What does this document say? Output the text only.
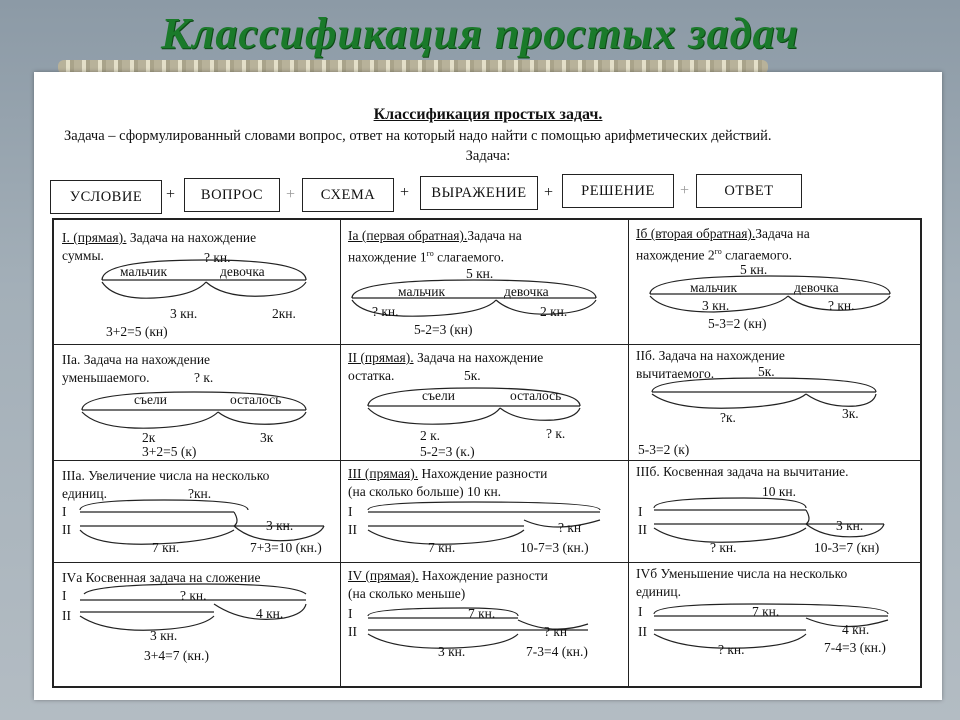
Классификация простых задач
Классификация простых задач.
Задача – сформулированный словами вопрос, ответ на который надо найти с помощью арифметических действий.
Задача:
УСЛОВИЕ	+	ВОПРОС	+	СХЕМА	+	ВЫРАЖЕНИЕ	+	РЕШЕНИЕ	+	ОТВЕТ
I. (прямая). Задача на нахождение
суммы.	? кн.
мальчик	девочка
3 кн.	2кн.
3+2=5 (кн)
Iа (первая обратная).Задача на
нахождение $1^{го}$ слагаемого.
5 кн.
мальчик	девочка
? кн.	2 кн.
5-2=3 (кн)
Iб (вторая обратная).Задача на
нахождение $2^{го}$ слагаемого.
5 кн.
мальчик	девочка
3 кн.	? кн.
5-3=2 (кн)
IIа. Задача на нахождение
уменьшаемого.	? к.
съели	осталось
2к	3к
3+2=5 (к)
II (прямая). Задача на нахождение
остатка.	5к.
съели	осталось
2 к.	? к.
5-2=3 (к.)
IIб. Задача на нахождение
вычитаемого.	5к.
?к.	3к.
5-3=2 (к)
IIIа. Увеличение числа на несколько
единиц.	?кн.
I
II	3 кн.
7 кн.	7+3=10 (кн.)
III (прямая). Нахождение разности
(на сколько больше) 10 кн.
I
II	? кн
7 кн.	10-7=3 (кн.)
IIIб. Косвенная задача на вычитание.
10 кн.
I
II	3 кн.
? кн.	10-3=7 (кн)
IVа Косвенная задача на сложение
I
II
? кн.
4 кн.
3 кн.
3+4=7 (кн.)
IV (прямая). Нахождение разности
(на сколько меньше)
I
II
7 кн.
? кн
3 кн.	7-3=4 (кн.)
IVб Уменьшение числа на несколько
единиц.
I
II
7 кн.
4 кн.
? кн.	7-4=3 (кн.)
